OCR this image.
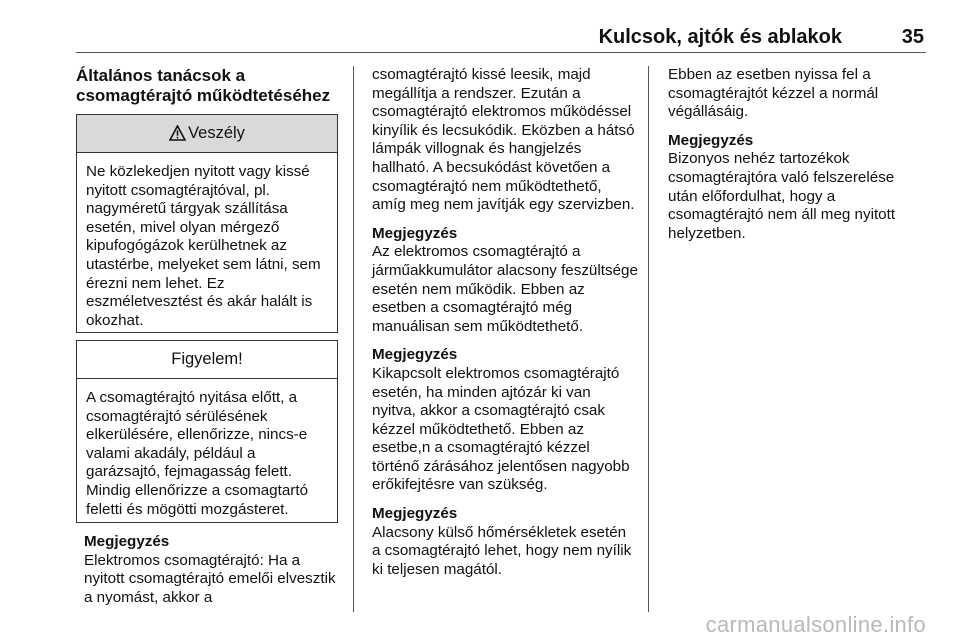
Kulcsok, ajtók és ablakok	35
Általános tanácsok a
csomagtérajtó működtetéséhez
Veszély
Ne közlekedjen nyitott vagy kissé nyitott csomagtérajtóval, pl. nagyméretű tárgyak szállítása esetén, mivel olyan mérgező kipufogógázok kerülhetnek az utastérbe, melyeket sem látni, sem érezni nem lehet. Ez eszméletvesztést és akár halált is okozhat.
Figyelem!
A csomagtérajtó nyitása előtt, a csomagtérajtó sérülésének elkerülésére, ellenőrizze, nincs-e valami akadály, például a garázsajtó, fejmagasság felett. Mindig ellenőrizze a csomagtartó feletti és mögötti mozgásteret.
Megjegyzés
Elektromos csomagtérajtó: Ha a nyitott csomagtérajtó emelői elvesztik a nyomást, akkor a

csomagtérajtó kissé leesik, majd megállítja a rendszer. Ezután a csomagtérajtó elektromos működéssel kinyílik és lecsukódik. Eközben a hátsó lámpák villognak és hangjelzés hallható. A becsukódást követően a csomagtérajtó nem működtethető, amíg meg nem javítják egy szervizben.

Megjegyzés
Az elektromos csomagtérajtó a járműakkumulátor alacsony feszültsége esetén nem működik. Ebben az esetben a csomagtérajtó még manuálisan sem működtethető.
Megjegyzés
Kikapcsolt elektromos csomagtérajtó esetén, ha minden ajtózár ki van nyitva, akkor a csomagtérajtó csak kézzel működtethető. Ebben az esetbe,n a csomagtérajtó kézzel történő zárásához jelentősen nagyobb erőkifejtésre van szükség.
Megjegyzés
Alacsony külső hőmérsékletek esetén a csomagtérajtó lehet, hogy nem nyílik ki teljesen magától.

Ebben az esetben nyissa fel a csomagtérajtót kézzel a normál végállásáig.

Megjegyzés
Bizonyos nehéz tartozékok csomagtérajtóra való felszerelése után előfordulhat, hogy a csomagtérajtó nem áll meg nyitott helyzetben.
carmanualsonline.info
